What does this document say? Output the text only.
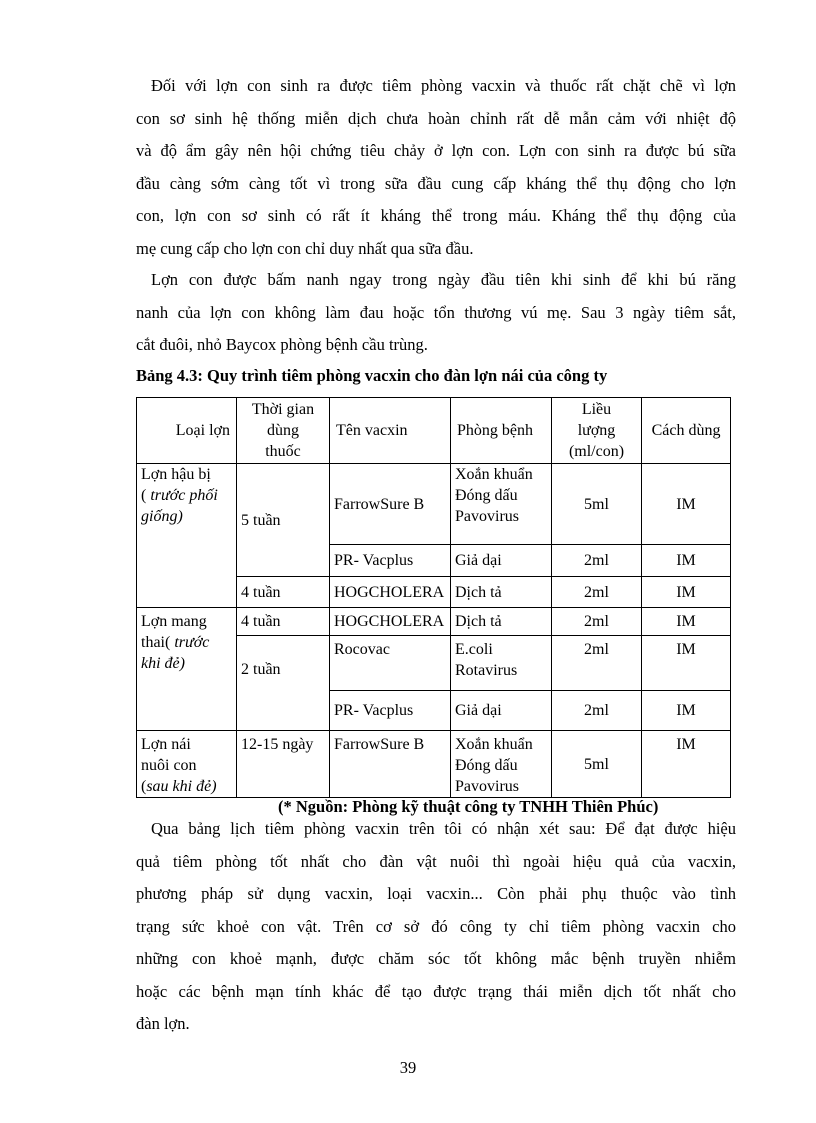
Đối với lợn con sinh ra được tiêm phòng vacxin và thuốc rất chặt chẽ vì lợn
con sơ sinh hệ thống miễn dịch chưa hoàn chỉnh rất dễ mẫn cảm với nhiệt độ
và độ ẩm gây nên hội chứng tiêu chảy ở lợn con. Lợn con sinh ra được bú sữa
đầu càng sớm càng tốt vì trong sữa đầu cung cấp kháng thể thụ động cho lợn
con, lợn con sơ sinh có rất ít kháng thể trong máu. Kháng thể thụ động của
mẹ cung cấp cho lợn con chỉ duy nhất qua sữa đầu.
Lợn con được bấm nanh ngay trong ngày đầu tiên khi sinh để khi bú răng
nanh của lợn con không làm đau hoặc tổn thương vú mẹ. Sau 3 ngày tiêm sắt,
cắt đuôi, nhỏ Baycox phòng bệnh cầu trùng.
Bảng 4.3: Quy trình tiêm phòng vacxin cho đàn lợn nái của công ty
Loại lợn	Thời gian
dùng
thuốc	Tên vacxin	Phòng bệnh	Liều
lượng
(ml/con)	Cách dùng

Lợn hậu bị
( trước phối
giống)	5 tuần	FarrowSure B	Xoắn khuẩn
Đóng dấu
Pavovirus	5ml	IM
		PR- Vacplus	Giả dại	2ml	IM
	4 tuần	HOGCHOLERA	Dịch tả	2ml	IM

Lợn mang
thai( trước
khi đẻ)	4 tuần	HOGCHOLERA	Dịch tả	2ml	IM
	2 tuần	Rocovac	E.coli
Rotavirus	2ml	IM
		PR- Vacplus	Giả dại	2ml	IM

Lợn nái
nuôi con
(sau khi đẻ)	12-15 ngày	FarrowSure B	Xoắn khuẩn
Đóng dấu
Pavovirus	5ml	IM
(* Nguồn: Phòng kỹ thuật công ty TNHH Thiên Phúc)
Qua bảng lịch tiêm phòng vacxin trên tôi có nhận xét sau: Để đạt được hiệu
quả tiêm phòng tốt nhất cho đàn vật nuôi thì ngoài hiệu quả của vacxin,
phương pháp sử dụng vacxin, loại vacxin... Còn phải phụ thuộc vào tình
trạng sức khoẻ con vật. Trên cơ sở đó công ty chỉ tiêm phòng vacxin cho
những con khoẻ mạnh, được chăm sóc tốt không mắc bệnh truyền nhiễm
hoặc các bệnh mạn tính khác để tạo được trạng thái miễn dịch tốt nhất cho
đàn lợn.
39
